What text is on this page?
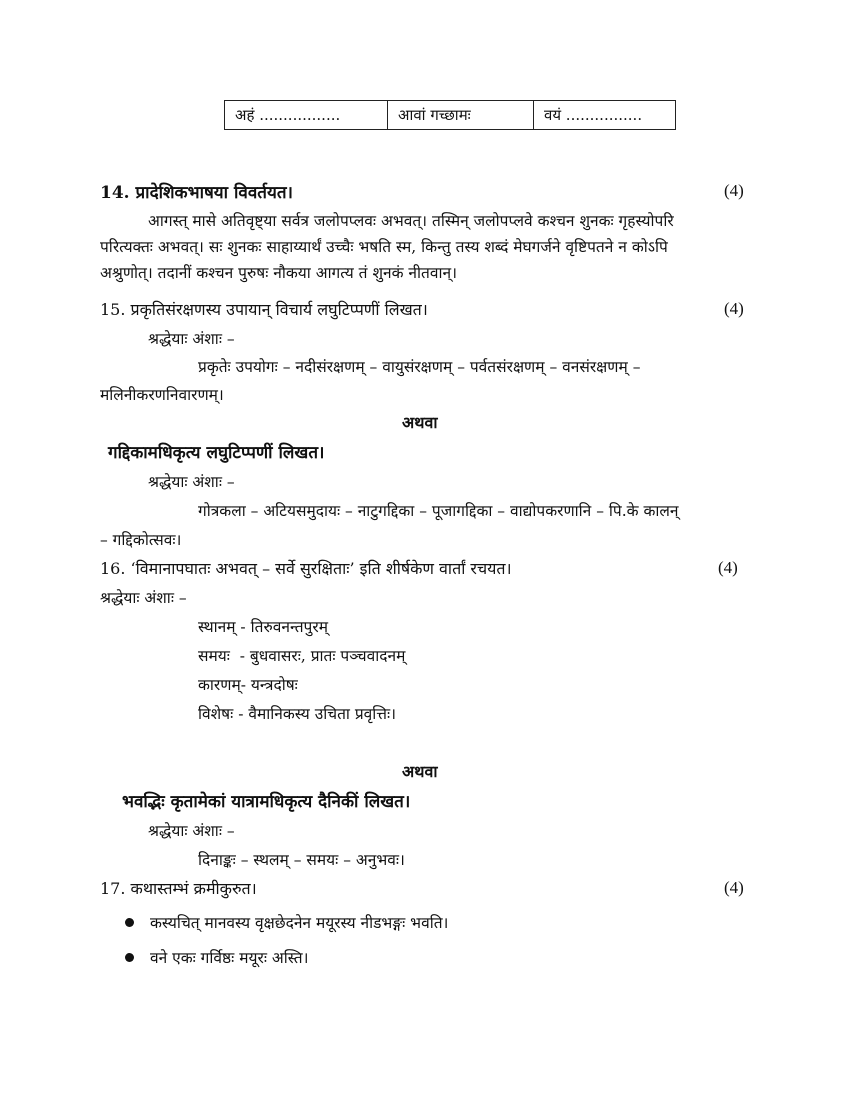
अहं .................	आवां गच्छामः	वयं ................
14. प्रादेशिकभाषया विवर्तयत।	(4)
आगस्त् मासे अतिवृष्ट्या सर्वत्र जलोपप्लवः अभवत्। तस्मिन् जलोपप्लवे कश्चन शुनकः गृहस्योपरि
परित्यक्तः अभवत्। सः शुनकः साहाय्यार्थं उच्चैः भषति स्म, किन्तु तस्य शब्दं मेघगर्जने वृष्टिपतने न कोऽपि
अश्रुणोत्। तदानीं कश्चन पुरुषः नौकया आगत्य तं शुनकं नीतवान्।
15. प्रकृतिसंरक्षणस्य उपायान् विचार्य लघुटिप्पणीं लिखत।	(4)
श्रद्धेयाः अंशाः –
प्रकृतेः उपयोगः – नदीसंरक्षणम् – वायुसंरक्षणम् – पर्वतसंरक्षणम् – वनसंरक्षणम् –
मलिनीकरणनिवारणम्।
अथवा
गद्दिकामधिकृत्य लघुटिप्पणीं लिखत।
श्रद्धेयाः अंशाः –
गोत्रकला – अटियसमुदायः – नाटुगद्दिका – पूजागद्दिका – वाद्योपकरणानि – पि.के कालन्
– गद्दिकोत्सवः।
16. ‘विमानापघातः अभवत् – सर्वे सुरक्षिताः’ इति शीर्षकेण वार्तां रचयत।	(4)
श्रद्धेयाः अंशाः –
स्थानम् - तिरुवनन्तपुरम्
समयः  - बुधवासरः, प्रातः पञ्चवादनम्
कारणम्- यन्त्रदोषः
विशेषः - वैमानिकस्य उचिता प्रवृत्तिः।
अथवा
भवद्भिः कृतामेकां यात्रामधिकृत्य दैनिकीं लिखत।
श्रद्धेयाः अंशाः –
दिनाङ्कः – स्थलम् – समयः – अनुभवः।
17. कथास्तम्भं क्रमीकुरुत।	(4)
कस्यचित् मानवस्य वृक्षछेदनेन मयूरस्य नीडभङ्गः भवति।
वने एकः गर्विष्ठः मयूरः अस्ति।
